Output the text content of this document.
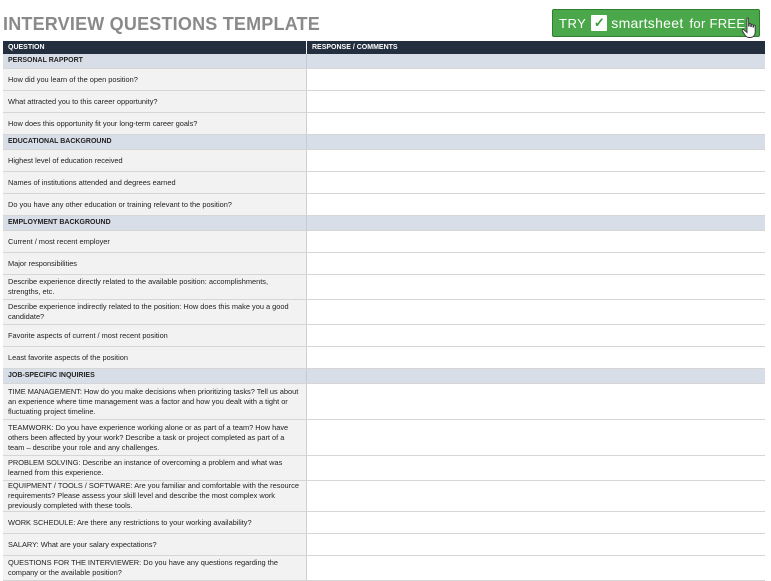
INTERVIEW QUESTIONS TEMPLATE	TRY ✓ smartsheet for FREE
QUESTION	RESPONSE / COMMENTS
PERSONAL RAPPORT
How did you learn of the open position?
What attracted you to this career opportunity?
How does this opportunity fit your long-term career goals?
EDUCATIONAL BACKGROUND
Highest level of education received
Names of institutions attended and degrees earned
Do you have any other education or training relevant to the position?
EMPLOYMENT BACKGROUND
Current / most recent employer
Major responsibilities
Describe experience directly related to the available position: accomplishments, strengths, etc.
Describe experience indirectly related to the position: How does this make you a good candidate?
Favorite aspects of current / most recent position
Least favorite aspects of the position
JOB-SPECIFIC INQUIRIES
TIME MANAGEMENT: How do you make decisions when prioritizing tasks? Tell us about an experience where time management was a factor and how you dealt with a tight or fluctuating project timeline.
TEAMWORK: Do you have experience working alone or as part of a team? How have others been affected by your work? Describe a task or project completed as part of a team – describe your role and any challenges.
PROBLEM SOLVING: Describe an instance of overcoming a problem and what was learned from this experience.
EQUIPMENT / TOOLS / SOFTWARE: Are you familiar and comfortable with the resource requirements? Please assess your skill level and describe the most complex work previously completed with these tools.
WORK SCHEDULE: Are there any restrictions to your working availability?
SALARY: What are your salary expectations?
QUESTIONS FOR THE INTERVIEWER: Do you have any questions regarding the company or the available position?
